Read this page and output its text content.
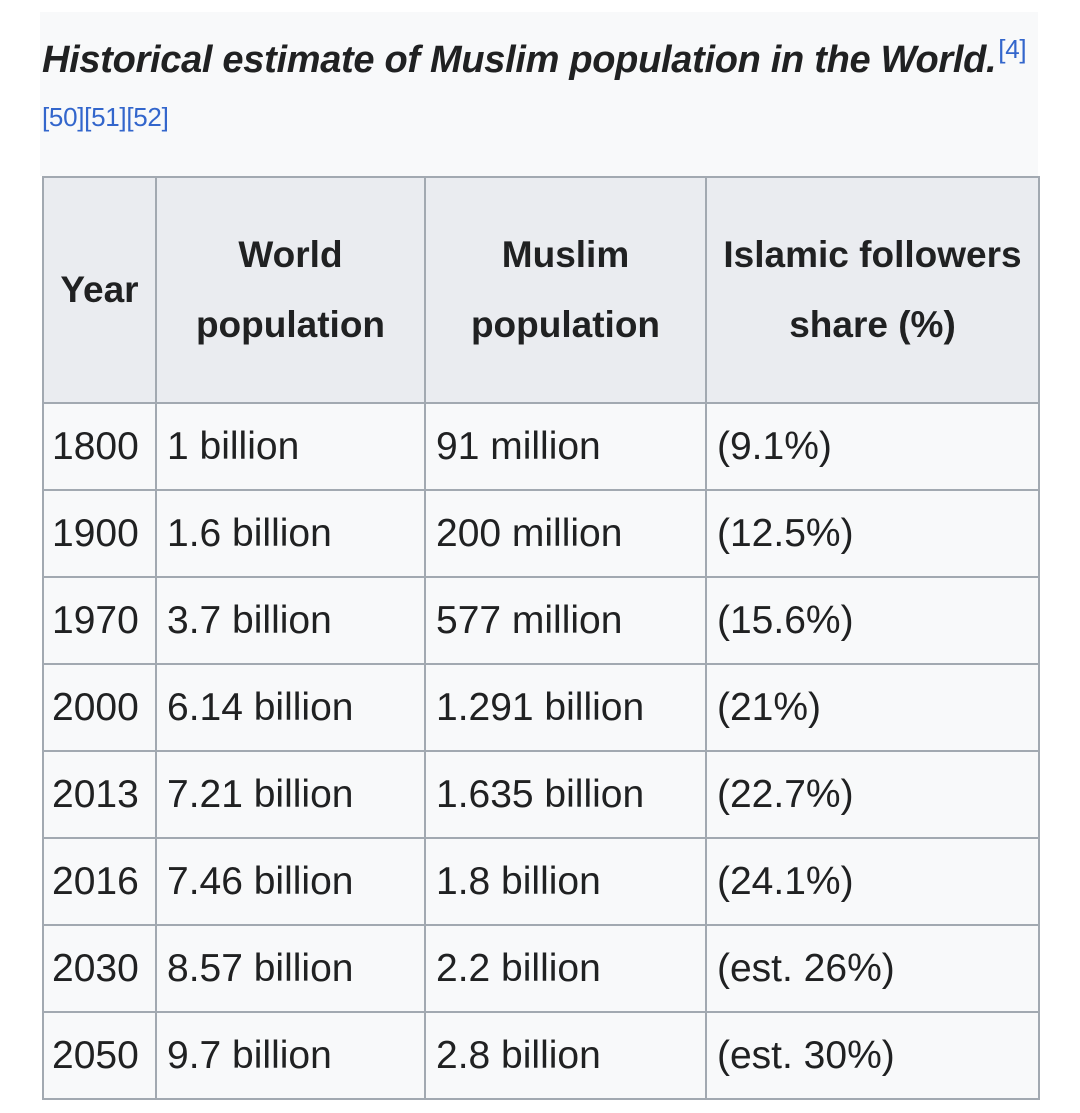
Historical estimate of Muslim population in the World.[4][50][51][52]
Year	World population	Muslim population	Islamic followers share (%)
1800	1 billion	91 million	(9.1%)
1900	1.6 billion	200 million	(12.5%)
1970	3.7 billion	577 million	(15.6%)
2000	6.14 billion	1.291 billion	(21%)
2013	7.21 billion	1.635 billion	(22.7%)
2016	7.46 billion	1.8 billion	(24.1%)
2030	8.57 billion	2.2 billion	(est. 26%)
2050	9.7 billion	2.8 billion	(est. 30%)
